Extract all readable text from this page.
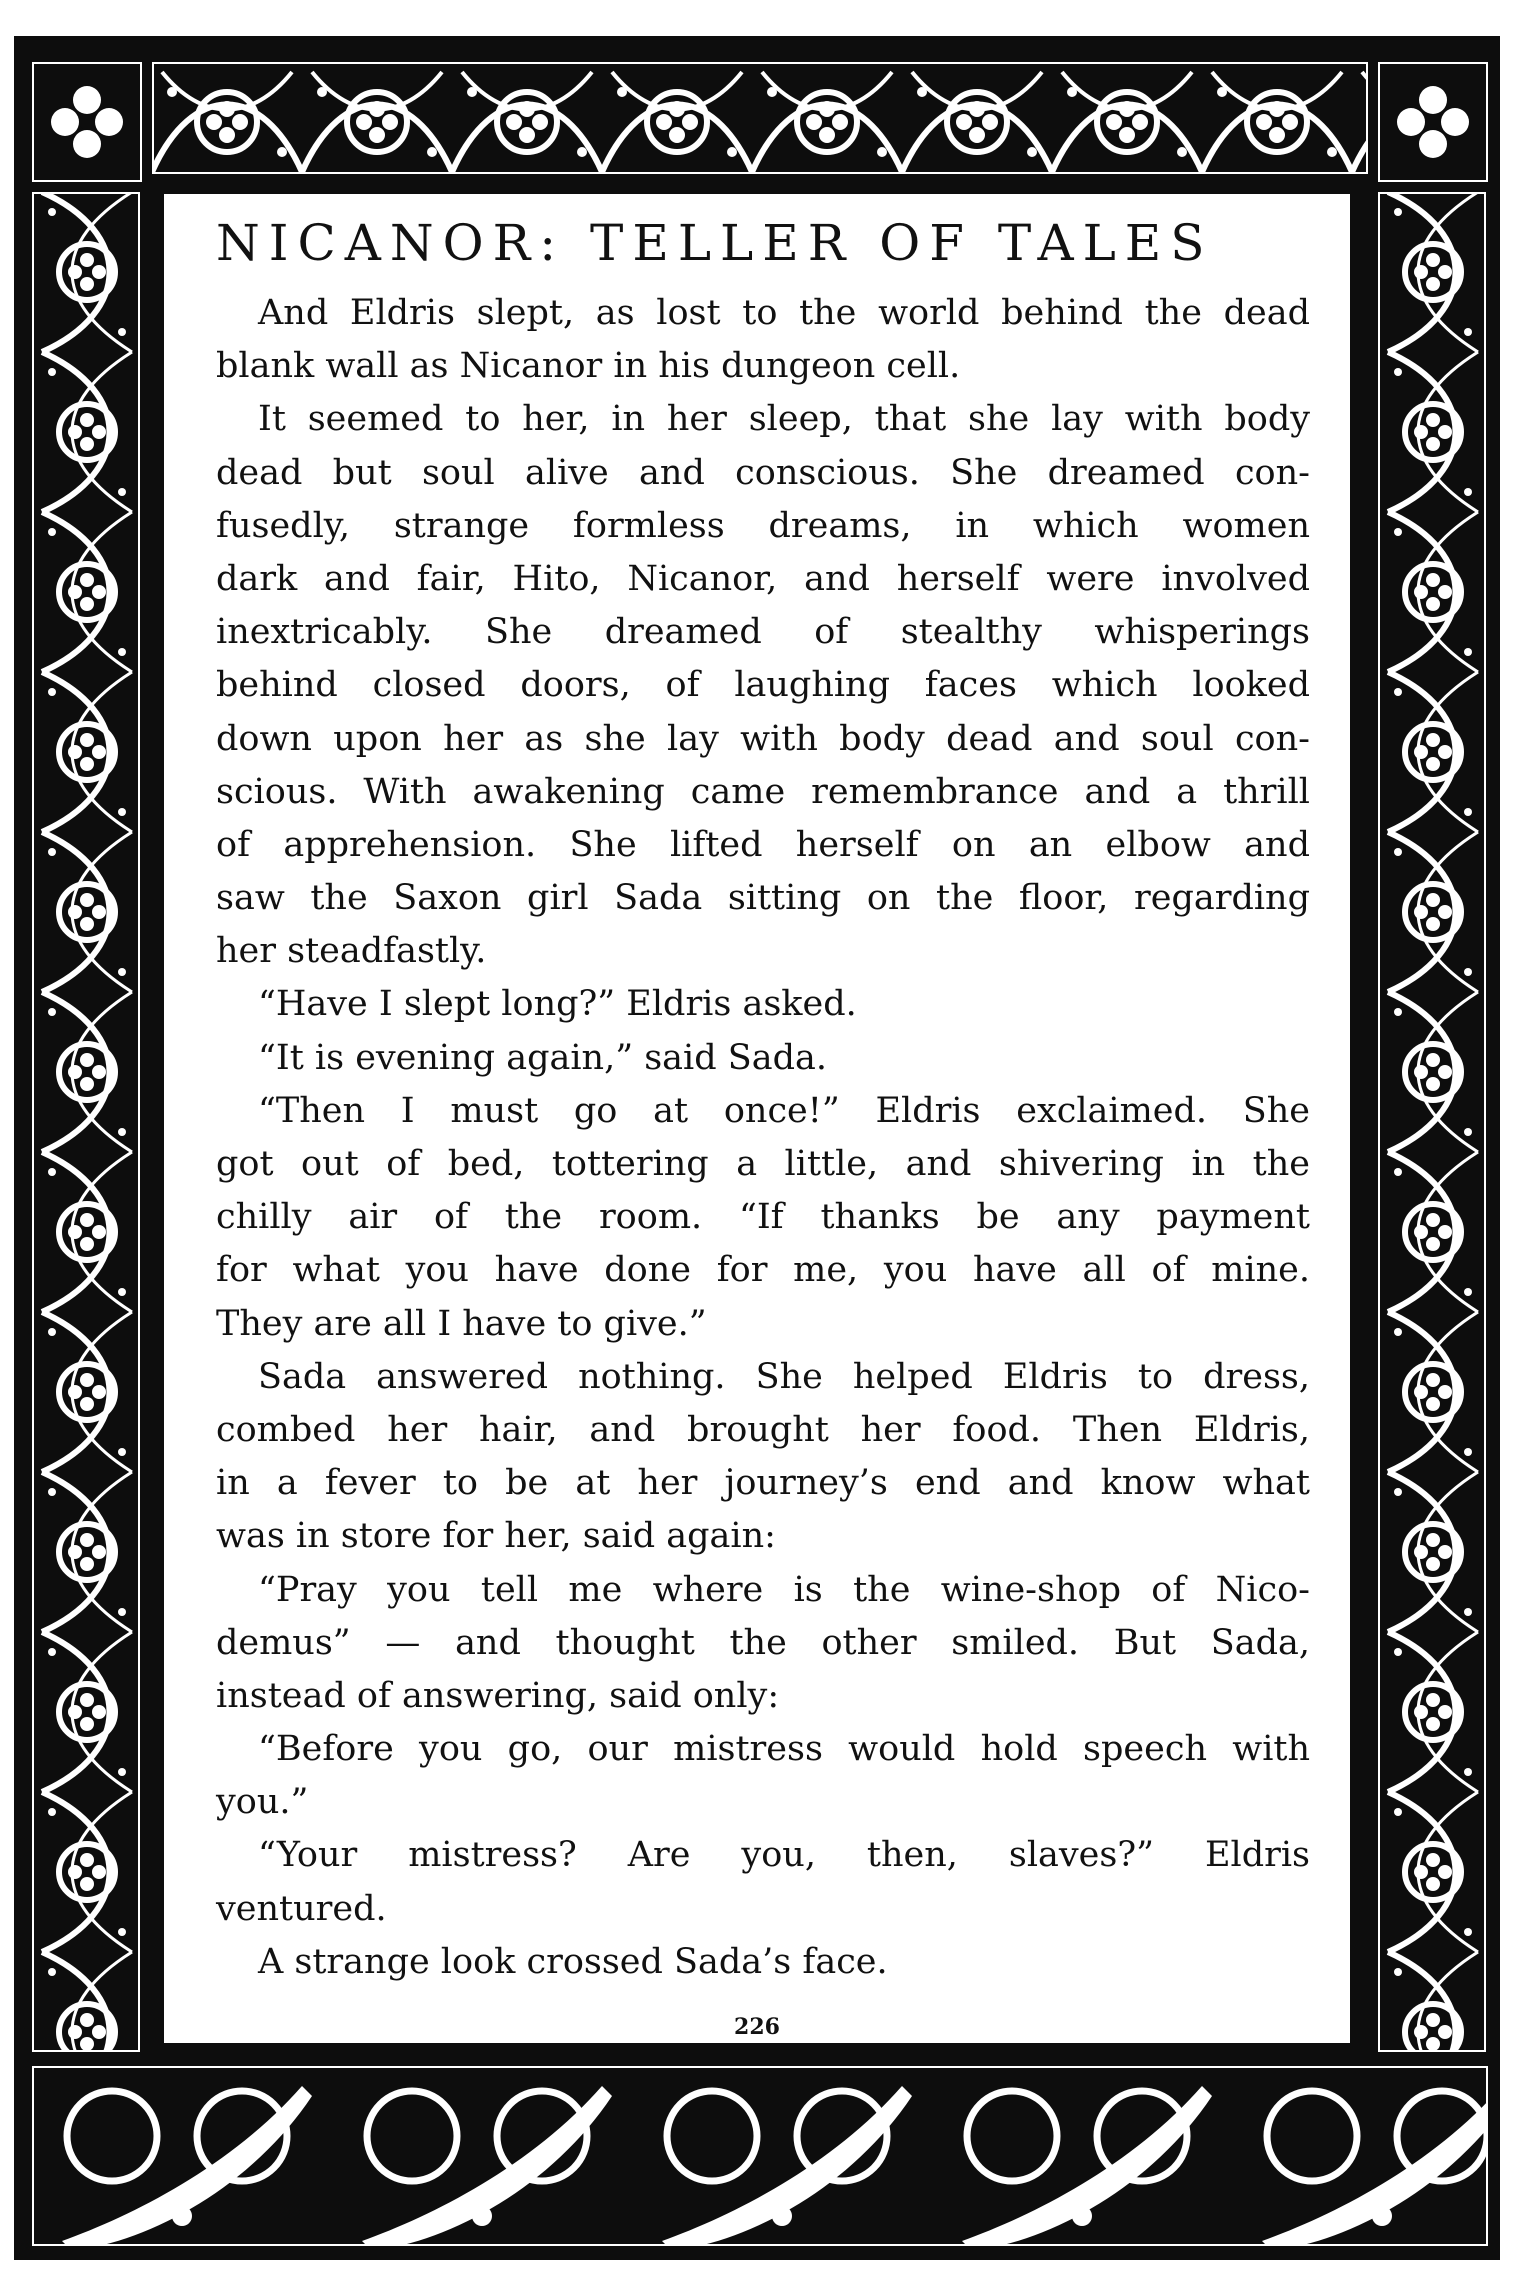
NICANOR: TELLER OF TALES
And Eldris slept, as lost to the world behind the dead
blank wall as Nicanor in his dungeon cell.
It seemed to her, in her sleep, that she lay with body
dead but soul alive and conscious. She dreamed con-
fusedly, strange formless dreams, in which women
dark and fair, Hito, Nicanor, and herself were involved
inextricably. She dreamed of stealthy whisperings
behind closed doors, of laughing faces which looked
down upon her as she lay with body dead and soul con-
scious. With awakening came remembrance and a thrill
of apprehension. She lifted herself on an elbow and
saw the Saxon girl Sada sitting on the floor, regarding
her steadfastly.
“Have I slept long?” Eldris asked.
“It is evening again,” said Sada.
“Then I must go at once!” Eldris exclaimed. She
got out of bed, tottering a little, and shivering in the
chilly air of the room. “If thanks be any payment
for what you have done for me, you have all of mine.
They are all I have to give.”
Sada answered nothing. She helped Eldris to dress,
combed her hair, and brought her food. Then Eldris,
in a fever to be at her journey’s end and know what
was in store for her, said again:
“Pray you tell me where is the wine-shop of Nico-
demus” — and thought the other smiled. But Sada,
instead of answering, said only:
“Before you go, our mistress would hold speech with
you.”
“Your mistress? Are you, then, slaves?” Eldris
ventured.
A strange look crossed Sada’s face.
226
